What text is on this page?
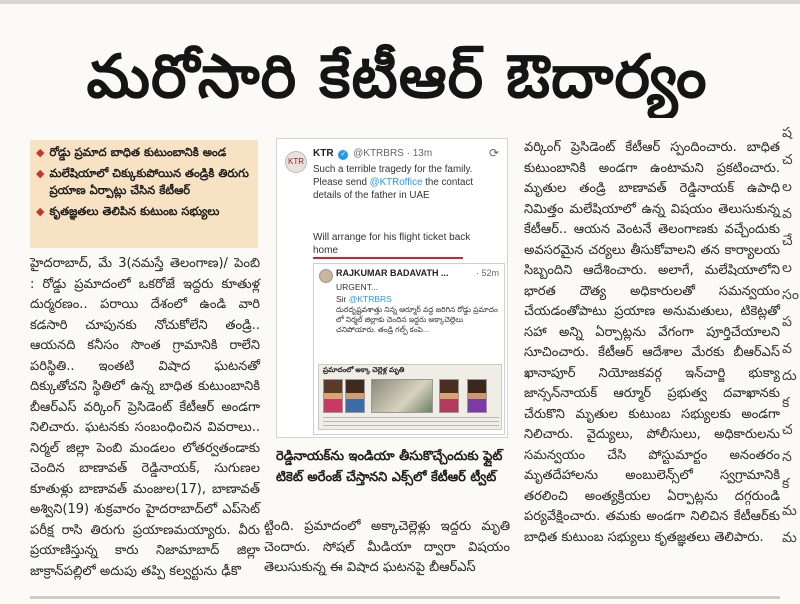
మరోసారి కేటీఆర్ ఔదార్యం
◆ రోడ్డు ప్రమాద బాధిత కుటుంబానికి అండ
◆ మలేషియాలో చిక్కుకుపోయిన తండ్రికి తిరుగు ప్రయాణ ఏర్పాట్లు చేసిన కేటీఆర్
◆ కృతజ్ఞతలు తెలిపిన కుటుంబ సభ్యులు

హైదరాబాద్, మే 3(నమస్తే తెలంగాణ)/ పెంబి : రోడ్డు ప్రమాదంలో ఒకరోజే ఇద్దరు కూతుళ్ల దుర్మరణం.. పరాయి దేశంలో ఉండి వారి కడసారి చూపునకు నోచుకోలేని తండ్రి.. ఆయనది కనీసం సొంత గ్రామానికి రాలేని పరిస్థితి.. ఇంతటి విషాద ఘటనతో దిక్కుతోచని స్థితిలో ఉన్న బాధిత కుటుంబానికి బీఆర్ఎస్ వర్కింగ్ ప్రెసిడెంట్ కేటీఆర్ అండగా నిలిచారు. ఘటనకు సంబంధించిన వివరాలు.. నిర్మల్ జిల్లా పెంబి మండలం లోతర్వతండాకు చెందిన బాణావత్ రెడ్డినాయక్, సుగుణల కూతుళ్లు బాణావత్ మంజుల(17), బాణావత్ అశ్విని(19) శుక్రవారం హైదరాబాద్‌లో ఎప్‌సెట్ పరీక్ష రాసి తిరుగు ప్రయాణమయ్యారు. వీరు ప్రయాణిస్తున్న కారు నిజామాబాద్ జిల్లా జాక్రాన్‌పల్లిలో అదుపు తప్పి కల్వర్టును ఢీకొ

KTR
KTR ✓ @KTRBRS · 13m	⟳
Such a terrible tragedy for the family. Please send @KTRoffice the contact details of the father in UAE
Will arrange for his flight ticket back home
RAJKUMAR BADAVATH ...	· 52m
URGENT...
Sir @KTRBRS
దురదృష్టవశాత్తు నిన్న ఆర్మూర్ వద్ద జరిగిన రోడ్డు ప్రమాదం లో నిర్మల్ జిల్లాకు చెందిన ఇద్దరు అక్కాచెల్లెలు చనిపోయారు. తండ్రి గల్ఫ్ కంపె...
ప్రమాదంలో అక్కా చెల్లెళ్ల మృతి
రెడ్డినాయక్‌ను ఇండియా తీసుకొచ్చేందుకు ఫ్లైట్ టికెట్ అరేంజ్ చేస్తానని ఎక్స్‌లో కేటీఆర్ ట్వీట్

ట్టింది. ప్రమాదంలో అక్కాచెల్లెళ్లు ఇద్దరు మృతి చెందారు. సోషల్ మీడియా ద్వారా విషయం తెలుసుకున్న ఈ విషాద ఘటనపై బీఆర్ఎస్

వర్కింగ్ ప్రెసిడెంట్ కేటీఆర్ స్పందించారు. బాధిత కుటుంబానికి అండగా ఉంటామని ప్రకటించారు. మృతుల తండ్రి బాణావత్ రెడ్డినాయక్ ఉపాధి నిమిత్తం మలేషియాలో ఉన్న విషయం తెలుసుకున్న కేటీఆర్.. ఆయన వెంటనే తెలంగాణకు వచ్చేందుకు అవసరమైన చర్యలు తీసుకోవాలని తన కార్యాలయ సిబ్బందిని ఆదేశించారు. అలాగే, మలేషియాలోని భారత దౌత్య అధికారులతో సమన్వయం చేయడంతోపాటు ప్రయాణ అనుమతులు, టికెట్లతో సహా అన్ని ఏర్పాట్లను వేగంగా పూర్తిచేయాలని సూచించారు. కేటీఆర్ ఆదేశాల మేరకు బీఆర్ఎస్ ఖానాపూర్ నియోజకవర్గ ఇన్‌చార్జి భుక్యా జాన్సన్‌నాయక్ ఆర్మూర్ ప్రభుత్వ దవాఖానకు చేరుకొని మృతుల కుటుంబ సభ్యులకు అండగా నిలిచారు. వైద్యులు, పోలీసులు, అధికారులను సమన్వయం చేసి పోస్టుమార్టం అనంతరం మృతదేహాలను అంబులెన్స్‌లో స్వగ్రామానికి తరలించి అంత్యక్రియల ఏర్పాట్లను దగ్గరుండి పర్యవేక్షించారు. తమకు అండగా నిలిచిన కేటీఆర్‌కు బాధిత కుటుంబ సభ్యులు కృతజ్ఞతలు తెలిపారు.

ష
చ
ల
వ
చే
ల
సం
ప
వ
దు
క
చ
న
క
మ
మ
